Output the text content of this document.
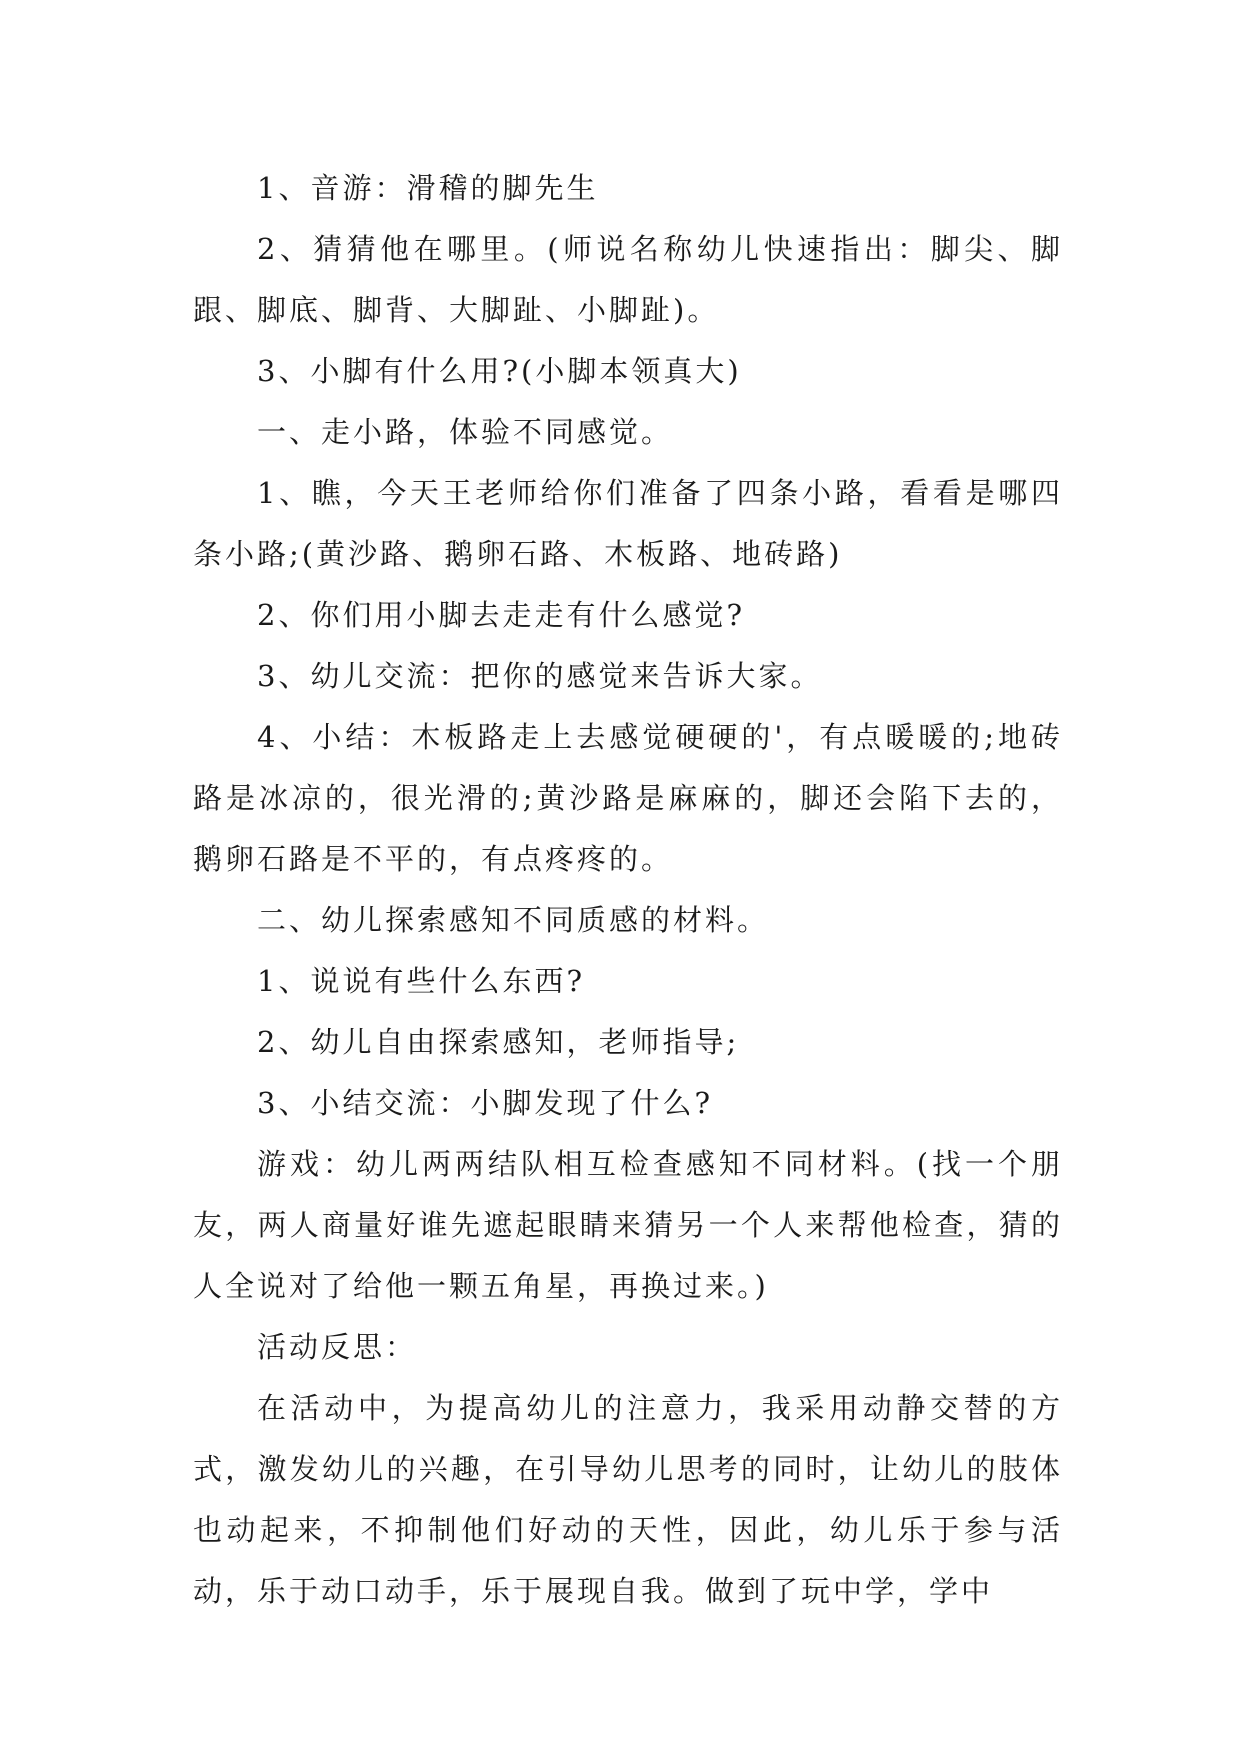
1、音游：滑稽的脚先生

2、猜猜他在哪里。(师说名称幼儿快速指出：脚尖、脚跟、脚底、脚背、大脚趾、小脚趾)。

3、小脚有什么用?(小脚本领真大)

一、走小路，体验不同感觉。

1、瞧，今天王老师给你们准备了四条小路，看看是哪四条小路;(黄沙路、鹅卵石路、木板路、地砖路)

2、你们用小脚去走走有什么感觉?

3、幼儿交流：把你的感觉来告诉大家。

4、小结：木板路走上去感觉硬硬的'，有点暖暖的;地砖路是冰凉的，很光滑的;黄沙路是麻麻的，脚还会陷下去的，鹅卵石路是不平的，有点疼疼的。

二、幼儿探索感知不同质感的材料。

1、说说有些什么东西?

2、幼儿自由探索感知，老师指导;

3、小结交流：小脚发现了什么?

游戏：幼儿两两结队相互检查感知不同材料。(找一个朋友，两人商量好谁先遮起眼睛来猜另一个人来帮他检查，猜的人全说对了给他一颗五角星，再换过来。)

活动反思：

在活动中，为提高幼儿的注意力，我采用动静交替的方式，激发幼儿的兴趣，在引导幼儿思考的同时，让幼儿的肢体也动起来，不抑制他们好动的天性，因此，幼儿乐于参与活动，乐于动口动手，乐于展现自我。做到了玩中学，学中
